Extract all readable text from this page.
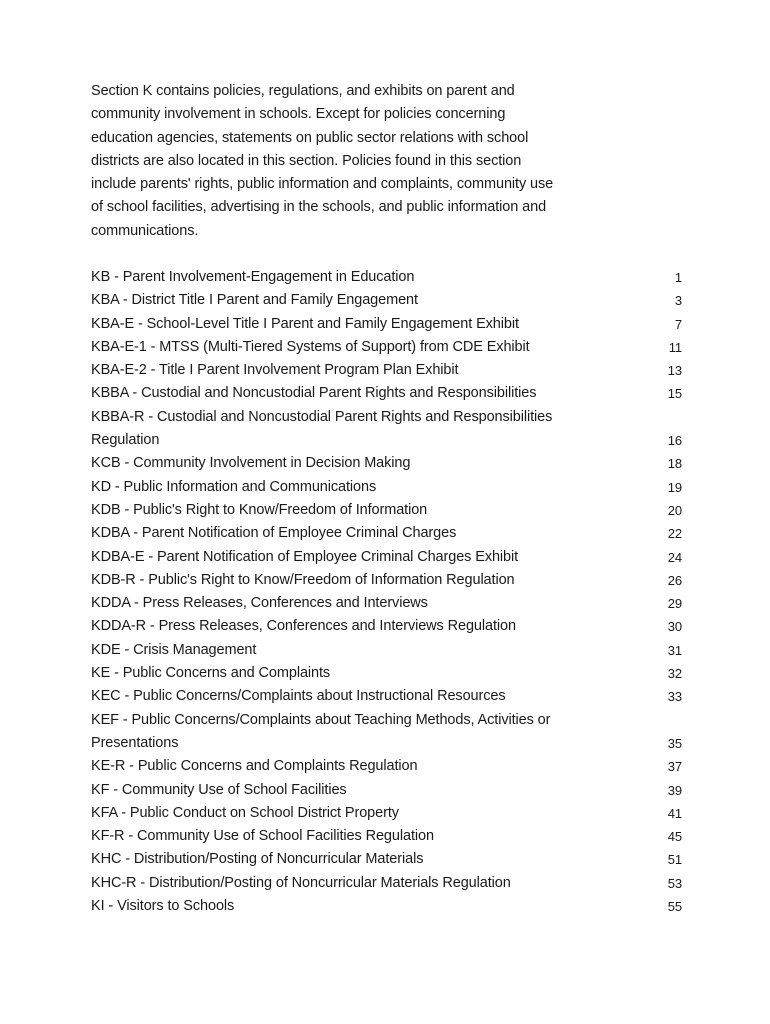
Section K contains policies, regulations, and exhibits on parent and
community involvement in schools. Except for policies concerning
education agencies, statements on public sector relations with school
districts are also located in this section. Policies found in this section
include parents' rights, public information and complaints, community use
of school facilities, advertising in the schools, and public information and
communications.

KB - Parent Involvement-Engagement in Education	1
KBA - District Title I Parent and Family Engagement	3
KBA-E - School-Level Title I Parent and Family Engagement Exhibit	7
KBA-E-1 - MTSS (Multi-Tiered Systems of Support) from CDE Exhibit	11
KBA-E-2 - Title I Parent Involvement Program Plan Exhibit	13
KBBA - Custodial and Noncustodial Parent Rights and Responsibilities	15
KBBA-R - Custodial and Noncustodial Parent Rights and Responsibilities
Regulation	16
KCB - Community Involvement in Decision Making	18
KD - Public Information and Communications	19
KDB - Public's Right to Know/Freedom of Information	20
KDBA - Parent Notification of Employee Criminal Charges	22
KDBA-E - Parent Notification of Employee Criminal Charges Exhibit	24
KDB-R - Public's Right to Know/Freedom of Information Regulation	26
KDDA - Press Releases, Conferences and Interviews	29
KDDA-R - Press Releases, Conferences and Interviews Regulation	30
KDE - Crisis Management	31
KE - Public Concerns and Complaints	32
KEC - Public Concerns/Complaints about Instructional Resources	33
KEF - Public Concerns/Complaints about Teaching Methods, Activities or
Presentations	35
KE-R - Public Concerns and Complaints Regulation	37
KF - Community Use of School Facilities	39
KFA - Public Conduct on School District Property	41
KF-R - Community Use of School Facilities Regulation	45
KHC - Distribution/Posting of Noncurricular Materials	51
KHC-R - Distribution/Posting of Noncurricular Materials Regulation	53
KI - Visitors to Schools	55
